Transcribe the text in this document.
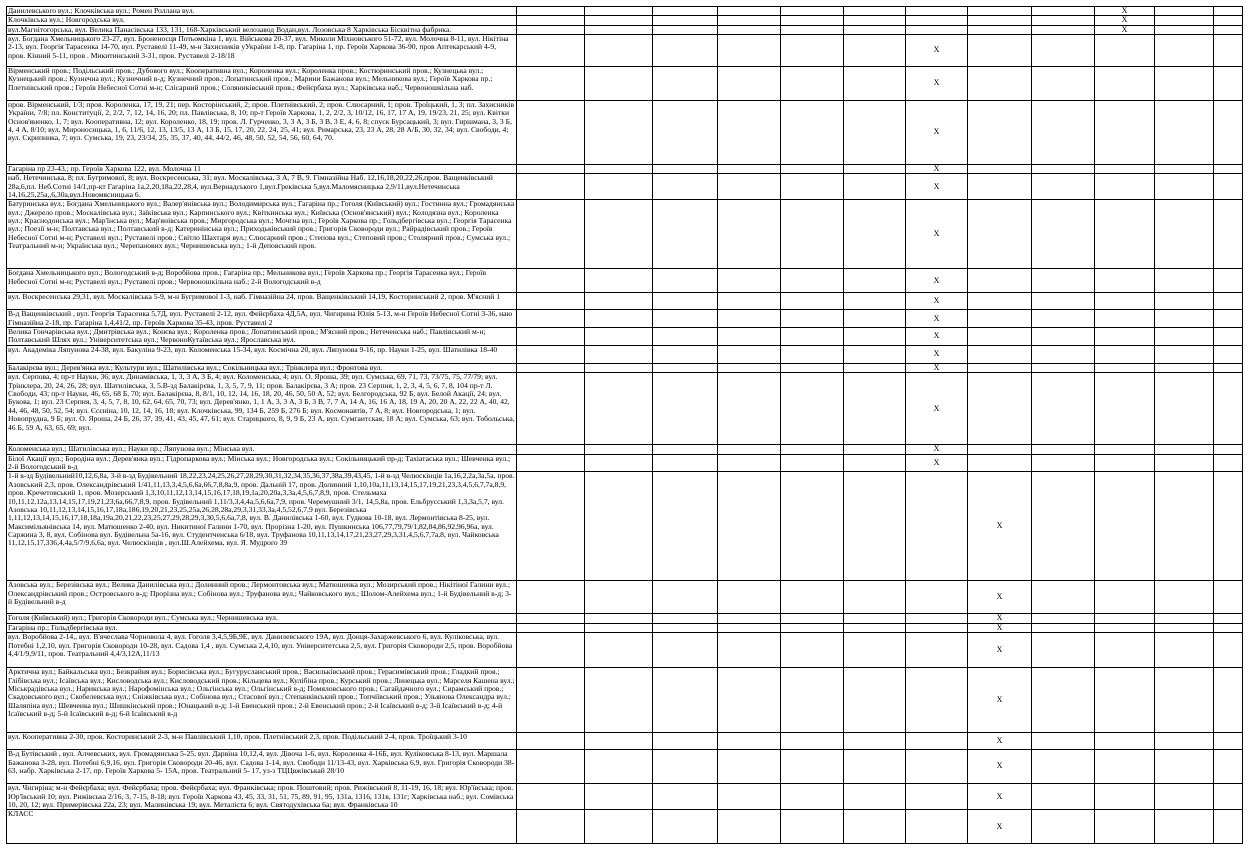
Данилевського вул.; Клочківська вул.; Ромен Роллана вул.										X		
Клочківська вул.; Новгородська вул.										X		
вул.Магнітогорська, вул. Велика Панасівська 133, 131, 168-Харківський велозавод Водан,вул. Лозовська 8 Харківська Бісквітна фабрика.										X		
вул. Богдана Хмельницького 23-27, вул. Броненосця Потьомкіна 1, вул. Військова 20-37, вул. Миколи Міхновського 51-72, вул. Молочна 8-11, вул. Нікітіна 2-13, вул. Георгія Тарасенка 14-70, вул. Руставелі 11-49, м-н Захисників уУкраїни 1-8, пр. Гагаріна 1, пр. Героїв Харкова 36-90, пров Аптекарський 4-9, пров. Кінний 5-11, пров . Микитинський 3-31, пров. Руставелі 2-18/18							X					
Вірменський пров.; Подільський пров.; Дубового вул.; Кооперативна вул.; Короленка вул.; Короленка пров.; Костюринський пров.; Кузнецька вул.; Кузнецький пров.; Кузнечна вул.; Кузнечний в-д; Кузнечний пров.; Лопатинський пров.; Марини Бажанова вул.; Мельникова вул.; Героїв Харкова пр.; Плетнівський пров.; Героїв Небесної Сотні м-н; Слісарний пров.; Соляниківський пров.; Фейєрбаха вул.; Харківська наб.; Червоношкільна наб.							X					
пров. Вірменський, 1/3; пров. Короленка, 17, 19, 21; пер. Косторінський, 2; пров. Плетнівський, 2; пров. Слюсарний, 1; пров. Троїцький, 1, 3; пл. Захисників України, 7/8; пл. Конституції, 2, 2/2, 7, 12, 14, 16, 20; пл. Павлівська, 8, 10; пр-т Героїв Харкова, 1, 2, 2/2, 3, 10/12, 16, 17, 17 А, 19, 19/23, 21, 25; вул. Квітки Основ'яненко, 1, 7; вул. Кооперативна, 12; вул. Короленко, 18, 19; пров. Л. Гурченко, 3, 3 А, 3 Б, 3 В, 3 Е, 4, 6, 8; спуск Бурсацький, 3; вул. Гиршмана, 3, 3 Б, 4, 4 А, 8/10; вул. Мироносицька, 1, 6, 11/6, 12, 13, 13/5, 13 А, 13 Б, 15, 17, 20, 22, 24, 25, 41; вул. Римарська, 23, 23 А, 28, 28 А/Б, 30, 32, 34; вул. Свободи, 4; вул. Скрипника, 7; вул. Сумська, 19, 23, 23/34, 25, 35, 37, 40, 44, 44/2, 46, 48, 50, 52, 54, 56, 60, 64, 70.							X					
Гагаріна пр 23-43.; пр. Героїв Харкова 122, вул. Молочна 11							X					
наб. Нетечинська, 8; пл. Бугримової, 8; вул. Воскресенська, 31; вул. Москалівська, 3 А, 7 В, 9. Гімназійна Наб. 12,16,18,20,22,26,пров. Ващенківський 28а,6,пл. Неб.Сотні 14/1,пр-кт Гагаріна 1а,2,20,18а,22,28,4, вул.Вернадського 1,вул.Греківська 5,вул.Маломясницька 2,9/11,вул.Нетечинська 14,16,25,25а,,6,30а,вул.Новомясницька 6.							X					
Батуринська вул.; Богдана Хмельницького вул.; Валер'янівська вул.; Володимирська вул.; Гагаріна пр.; Гоголя (Київський) вул.; Гостинна вул.; Громадянська вул.; Джерело пров.; Москалівська вул.; Заїківська вул.; Карпинського вул.; Квіткинська вул.; Київська (Основ'янський) вул.; Колодязна вул.; Короленка вул.; Краснодонська вул.; Мар'їнська вул.; Мар'янівська пров.; Миргородська вул.; Мочгна вул.; Героїв Харкова пр.; Гольдбергівська вул.; Георгія Тарасенка вул.; Поезії м-н; Полтавська вул.; Полтавський в-д; Катеринінська вул.; Приходьківський пров.; Григорія Сковороди вул.; Райрадівський пров.; Героїв Небесної Сотні м-н; Руставелі вул.; Руставелі пров.; Світло Шахтаря вул.; Слюсарний пров.; Степова вул.; Степовий пров.; Столярний пров.; Сумська вул.; Театральний м-н; Українська вул.; Черепанових вул.; Чернишевська вул.; 1-й Деповський пров.							X					
Богдана Хмельницького вул.; Вологодський в-д; Воробйова пров.; Гагаріна пр.; Мельникова вул.; Героїв Харкова пр.; Георгія Тарасенка вул.; Героїв Небесної Сотні м-н; Руставелі вул.; Руставелі пров.; Червоношкільна наб.; 2-й Вологодський в-д							X					
вул. Воскресенська 29,31, вул. Москалівська 5-9, м-н Бугримової 1-3, наб. Гімназійна 24, пров. Ващенківський 14,19, Косторинський 2, пров. М'ясний 1							X					
В-д Ващенківський , вул. Георгія Тарасенка 5,7Д, вул. Руставелі 2-12, вул. Фейєрбаха 4Д,5А, вул. Чигирина Юлія 5-13, м-н Героїв Небесної Сотні 3-36, наю Гімназійна 2-18, пр. Гагаріна 1,4,41/2, пр. Героїв Харкова 35-43, пров. Руставелі 2							X					
Велика Гончарівська вул.; Дмитрівська вул.; Конєва вул.; Короленка пров.; Лопатинський пров.; М'ясний пров.; Нетеченська наб.; Павлівський м-н; Полтавський Шлях вул.; Університетська вул.; ЧервоноКутаївська вул.; Ярославська вул.							X					
вул. Академіка Ляпунова 24-38, вул. Бакуліна 9-23, вул. Коломенська 15-34, вул. Космічна 20, вул. Ляпунова 9-16, пр. Науки 1-25, вул. Шатилівка 18-40							X					
Балакірєва вул.; Дерев'янка вул.; Культури вул.; Шатилівська вул.; Сокільницька вул.; Трінклера вул.; Фронтова вул.							X					
вул. Серпова, 4; пр-т Науки, 36; вул. Динамівська, 1, 3, 3 А, 3 Б, 4; вул. Коломенська, 4; вул. О. Яроша, 39; вул. Сумська, 69, 71, 73, 73/75, 75, 77/79; вул. Трінклера, 20, 24, 26, 28; вул. Шатилівська, 3, 5.В-зд Балакірєва, 1, 3, 5, 7, 9, 11; пров. Балакірєва, 3 А; пров. 23 Серпня, 1, 2, 3, 4, 5, 6, 7, 8, 104 пр-т Л. Свободи, 43; пр-т Науки, 46, 65, 68 Б, 70; вул. Балакірєва, 8, 8/1, 10, 12, 14, 16, 18, 20, 46, 50, 50 А, 52; вул. Белгородська, 92 Б, вул. Белой Акації, 24; вул. Букова, 1; вул. 23 Серпня, 3, 4, 5, 7, 8, 10, 62, 64, 65, 70, 73; вул. Дерев'янко, 1, 1 А, 3, 3 А, 3 Б, 3 В, 7, 7 А, 14 А, 16, 16 А, 18, 19 А, 20, 20 А, 22, 22 А, 40, 42, 44, 46, 48, 50, 52, 54; вул. Єсєніна, 10, 12, 14, 16, 18; вул. Клочківська, 99, 134 Б, 259 Б, 276 Б; вул. Космонавтів, 7 А, 8; вул. Новгородська, 1; вул. Новопрудна, 9 Б; вул. О. Яроша, 24 Б, 26, 37, 39, 41, 43, 45, 47, 61; вул. Старицкого, 8, 9, 9 Б, 23 А, вул. Сумгаитская, 18 А; вул. Сумська, 63; вул. Тобольська, 46 Б, 59 А, 63, 65, 69; вул.							X					
Коломенська вул.; Шатилівська вул.; Науки пр.; Ляпунова вул.; Мінська вул.							X					
Білої Акації вул.; Бородіна вул.; Дерев'янка вул.; Гідропаркова вул.; Мінська вул.; Новгородська вул.; Сокільницький пр-д; Тахіатаська вул.; Шевченка вул.; 2-й Вологодський в-д							X					
1-й в-зд Будівельний10,12,6,8а, 3-й в-зд Будівельний 18,22,23,24,25,26,27,28,29,30,31,32,34,35,36,37,38а,39,43,45, 1-й в-зд Челюскінців 1а,16,2,2а,3а,5а, пров. Азовський 2,3, пров. Олександрівський 1/41,11,13,3,4,5,6,6а,66,7,8,8а,9, пров. Дальній 17, пров. Долинний 1,10,10а,11,13,14,15,17,19,21,23,3,4,5,6,7,7а,8,9, пров. Кречетовський 1, пров. Мозерський 1,3,10,11,12,13,14,15,16,17,18,19,1а,20,20а,3,3а,4,5,6,7,8,9, пров. Стельмаха 10,11,12,12а,13,14,15,17,19,21,23,6а,66,7,8,9, пров. Будівельний 1,11/3,3,4,4а,5,6,6а,7,9, пров. Черемушний 3/1, 14,5,8а, пров. Ельбрусський 1,3,3а,5,7, вул. Азовська 10,11,12,13,14,15,16,17,18а,186,19,20,21,23,25,25а,26,28,28а,29,3,31,33,3а,4,5,52,6,7,9 вул. Березівська 1,11,12,13,14,15,16,17,18,18а,19а,20,21,22,23,25,27,29,28,29,3,30,5,6,6а,7,8, вул. В. Данилівська 1-60, вул. Гудкова 10-18, вул. Лермонтівська 8-25, вул. Максимільянівська 14, вул. Матюшенко 2-40, вул. Никитиної Галини 1-70, вул. Прорізна 1-20, вул. Пушкинська 106,77,79,79/1,82,84,86,92,96,96а, вул. Саржина 3, 8, вул. Собінова вул. Будівельна 5а-16, вул. Студентченська 6/18, вул. Труфанова 10,11,13,14,17,21,23,27,29,3,31,4,5,6,7,7а,8, вул. Чайковська 11,12,15,17,336,4,4а,5/7/9,6,6а, вул. Челюскінців , вул.Ш.Алейхема, вул. Я. Мудрого 39								X				
Азовська вул.; Березівська вул.; Велика Данилівська вул.; Долинний пров.; Лермонтовська вул.; Матюшенка вул.; Мозирський пров.; Нікітіної Галини вул.; Олександрівський пров.; Островського в-д; Прорізна вул.; Собінова вул.; Труфанова вул.; Чайковського вул.; Шолом-Алейхема вул.; 1-й Будівельний в-д; 3-й Будівельний в-д								X				
Гоголя (Київський) вул.; Григорія Сковороди вул.; Сумська вул.; Чернишевська вул.								X				
Гагаріна пр.; Гольдбергівська вул.								X				
вул. Воробйова 2-14,, вул. В'ячеслава Чорновола 4, вул. Гоголя 3,4,5,9Б,9Е, вул. Данилевського 19А, вул. Донця-Захаржевського 6, вул. Куліковська, вул. Потебні 1,2,10, вул. Григорія Сковороди 10-28, вул. Садова 1,4 , вул. Сумська 2,4,10, вул. Університетська 2,5, вул. Григорія Сковороди 2,5, пров. Воробйова 4,4/1/9,9/11, пров. Театральний 4,4/3,12А,11/13								X				
Арктична вул.; Байкальська вул.; Безкрайня вул.; Борисівська вул.; Бугурусланський пров.; Васильківський пров.; Герасимівський пров.; Гладкий пров.; Глібівська вул.; Ісаївська вул.; Кисловодська вул.; Кисловодський пров.; Кільцева вул.; Кулібіна пров.; Курський пров.; Линецька вул.; Марселя Кашена вул.; Міськрадівська вул.; Нарикська вул.; Нарофомінська вул.; Ольгінська вул.; Ольгінський в-д; Помяловського пров.; Сагайдачного вул.; Сирамський пров.; Скадовського вул.; Скобелевська вул.; Сніжківська вул.; Собінова вул.; Стасової вул.; Степанківський пров.; Топчіївський пров.; Ульянова Олександра вул.; Шаляпіна вул.; Шевченка вул.; Шишкінський пров.; Юнацький в-д; 1-й Евенський пров.; 2-й Евенський пров.; 2-й Ісаївський в-д; 3-й Ісаївський в-д; 4-й Ісаївський в-д; 5-й Ісаївський в-д; 6-й Ісаївський в-д								X				
вул. Кооперативна 2-30, пров. Косторинський 2-3, м-н Павлівський 1,10, пров. Плетнівський 2,3, пров. Подільський 2-4, пров. Троїцький 3-10								X				
В-д Бутівський , вул. Алчевських, вул. Громадянська 5-25, вул. Дарвіна 10,12,4, вул. Дівоча 1-6, вул. Короленка 4-16Б, вул. Куліковська 8-13, вул. Маршала Бажанова 3-28, вул. Потебні 6,9,16, вул. Григорія Сковороди 20-46, вул. Садова 1-14, вул. Свободи 11/13-43, вул. Харківська 6,9, вул. Григорія Сковороди 38-63, набр. Харківська 2-17, пр. Героїв Харкова 5- 15А, пров. Театральний 5- 17, уз-з ТЦЦвжівськай 28/10								X				
вул. Чигиріна; м-н Фейєрбаха; вул. Фейєрбаха; пров. Фейєрбаха; вул. Франківська; пров. Поштовий; пров. Рижівський 8, 11-19, 16, 18; вул. Юр'ївська; пров. Юр'ївський 10; вул. Рижівська 2/16, 3, 7-15, 8-18; вул. Героїв Харкова 43, 45, 33, 31, 51, 75, 89, 91, 95, 131а, 1316, 131в, 131г; Харківська наб.; вул. Сомівська 10, 20, 12; вул. Примерівська 22а, 23; вул. Малинівська 19; вул. Металіста 6; вул. Святодухівська 6а; вул. Франківська 10								X				
КЛАСС								X				
